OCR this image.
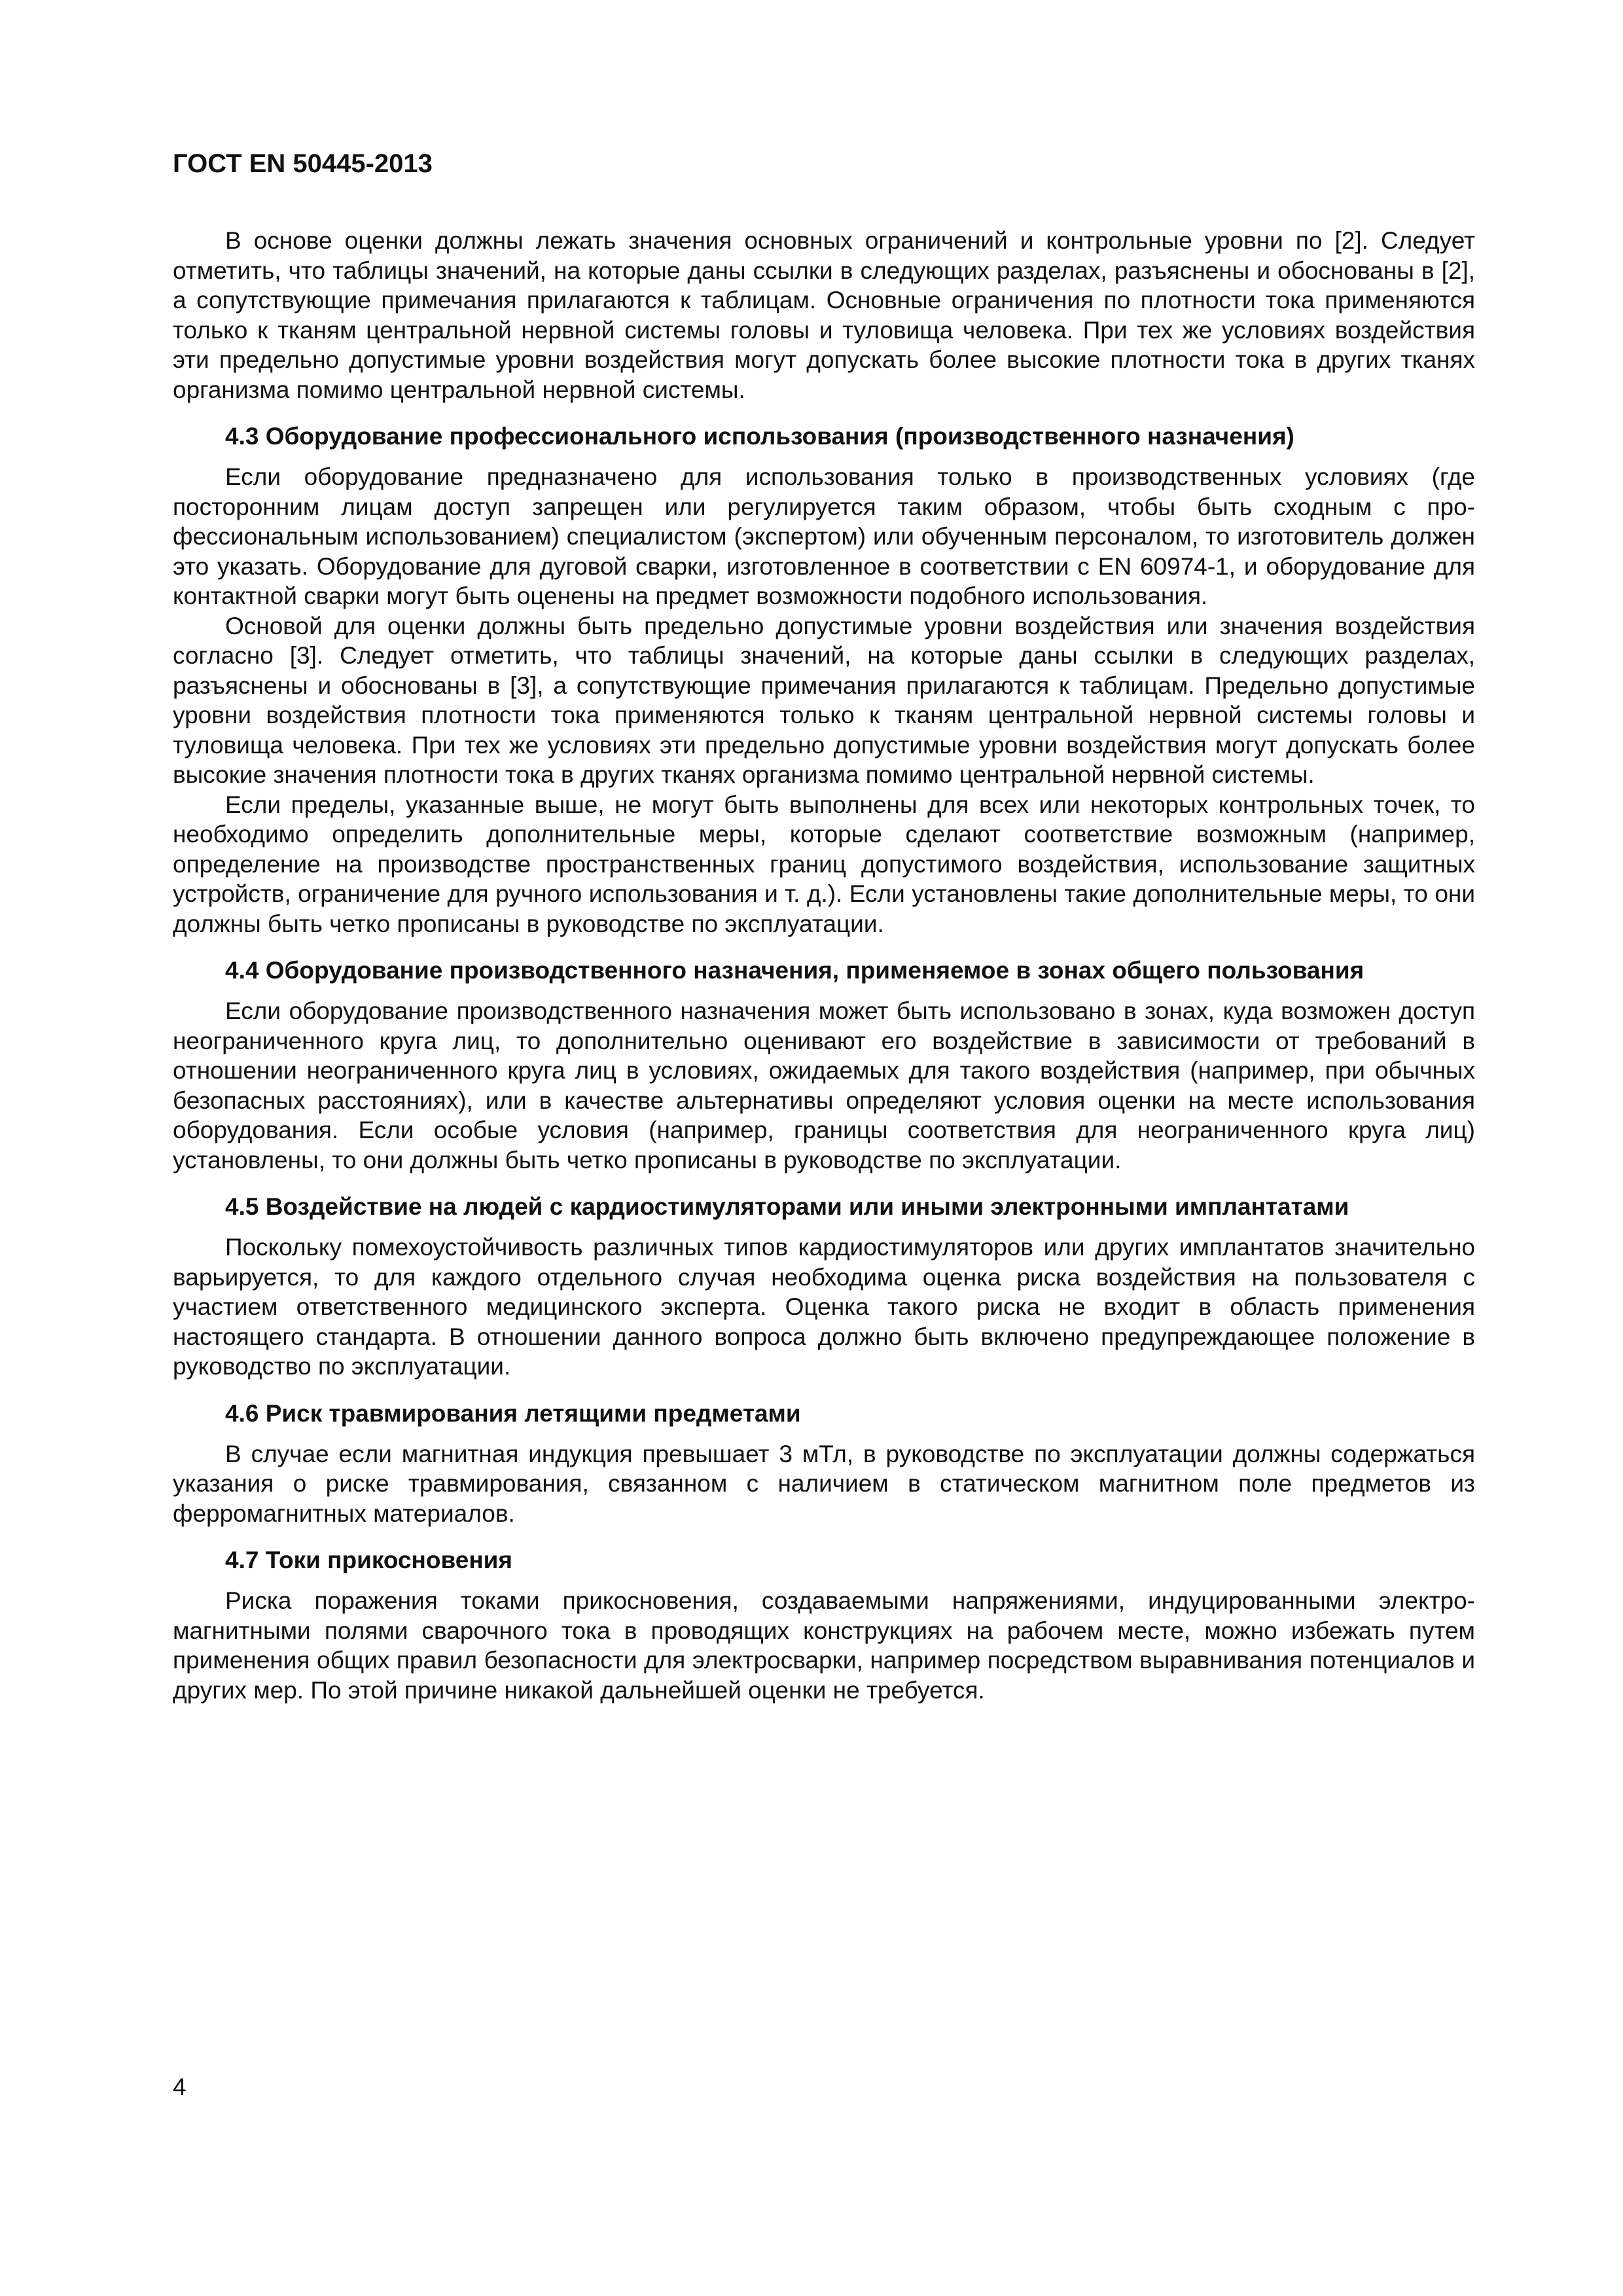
ГОСТ EN 50445-2013

В основе оценки должны лежать значения основных ограничений и контрольные уровни по [2]. Следует отметить, что таблицы значений, на которые даны ссылки в следующих разделах, разъяснены и обоснованы в [2], а сопутствующие примечания прилагаются к таблицам. Основные ограничения по плотности тока применяются только к тканям центральной нервной системы головы и туловища человека. При тех же условиях воздействия эти предельно допустимые уровни воздействия могут допускать более высокие плотности тока в других тканях организма помимо центральной нервной системы.

4.3 Оборудование профессионального использования (производственного назначения)

Если оборудование предназначено для использования только в производственных условиях (где посторонним лицам доступ запрещен или регулируется таким образом, чтобы быть сходным с профессиональным использованием) специалистом (экспертом) или обученным персоналом, то изготовитель должен это указать. Оборудование для дуговой сварки, изготовленное в соответствии с EN 60974-1, и оборудование для контактной сварки могут быть оценены на предмет возможности подобного использования.

Основой для оценки должны быть предельно допустимые уровни воздействия или значения воздействия согласно [3]. Следует отметить, что таблицы значений, на которые даны ссылки в следующих разделах, разъяснены и обоснованы в [3], а сопутствующие примечания прилагаются к таблицам. Предельно допустимые уровни воздействия плотности тока применяются только к тканям центральной нервной системы головы и туловища человека. При тех же условиях эти предельно допустимые уровни воздействия могут допускать более высокие значения плотности тока в других тканях организма помимо центральной нервной системы.

Если пределы, указанные выше, не могут быть выполнены для всех или некоторых контрольных точек, то необходимо определить дополнительные меры, которые сделают соответствие возможным (например, определение на производстве пространственных границ допустимого воздействия, использование защитных устройств, ограничение для ручного использования и т. д.). Если установлены такие дополнительные меры, то они должны быть четко прописаны в руководстве по эксплуатации.

4.4 Оборудование производственного назначения, применяемое в зонах общего пользования

Если оборудование производственного назначения может быть использовано в зонах, куда возможен доступ неограниченного круга лиц, то дополнительно оценивают его воздействие в зависимости от требований в отношении неограниченного круга лиц в условиях, ожидаемых для такого воздействия (например, при обычных безопасных расстояниях), или в качестве альтернативы определяют условия оценки на месте использования оборудования. Если особые условия (например, границы соответствия для неограниченного круга лиц) установлены, то они должны быть четко прописаны в руководстве по эксплуатации.

4.5 Воздействие на людей с кардиостимуляторами или иными электронными имплантатами

Поскольку помехоустойчивость различных типов кардиостимуляторов или других имплантатов значительно варьируется, то для каждого отдельного случая необходима оценка риска воздействия на пользователя с участием ответственного медицинского эксперта. Оценка такого риска не входит в область применения настоящего стандарта. В отношении данного вопроса должно быть включено предупреждающее положение в руководство по эксплуатации.

4.6 Риск травмирования летящими предметами

В случае если магнитная индукция превышает 3 мТл, в руководстве по эксплуатации должны содержаться указания о риске травмирования, связанном с наличием в статическом магнитном поле предметов из ферромагнитных материалов.

4.7 Токи прикосновения

Риска поражения токами прикосновения, создаваемыми напряжениями, индуцированными электромагнитными полями сварочного тока в проводящих конструкциях на рабочем месте, можно избежать путем применения общих правил безопасности для электросварки, например посредством выравнивания потенциалов и других мер. По этой причине никакой дальнейшей оценки не требуется.

4
